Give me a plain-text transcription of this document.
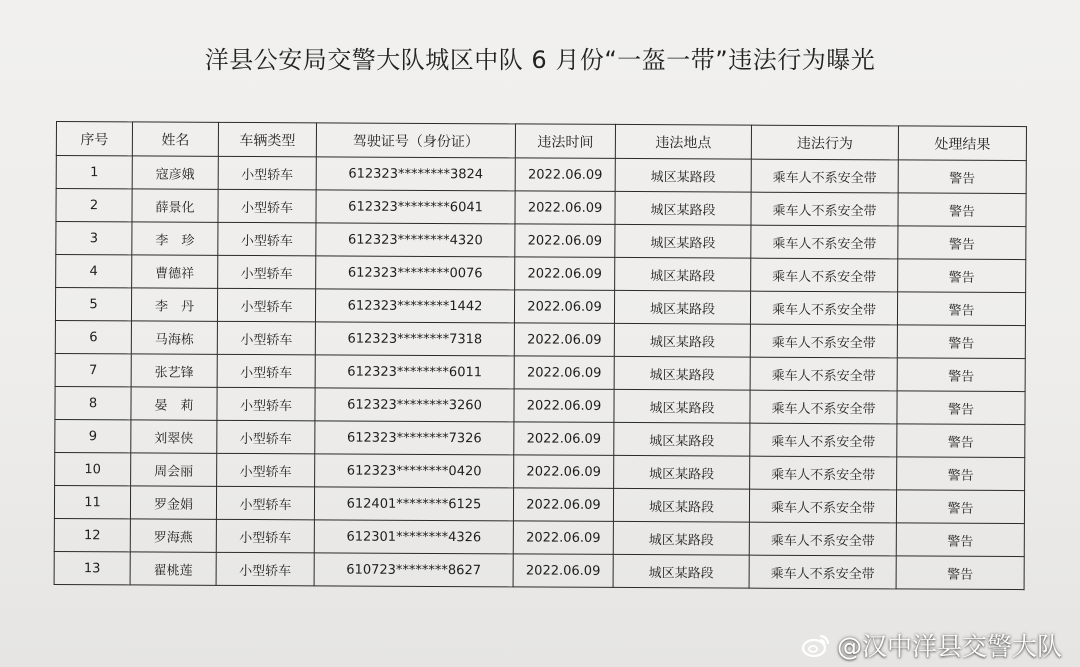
洋县公安局交警大队城区中队 6 月份“一盔一带”违法行为曝光
序号	姓名	车辆类型	驾驶证号（身份证）	违法时间	违法地点	违法行为	处理结果
1	寇彦娥	小型轿车	612323********3824	2022.06.09	城区某路段	乘车人不系安全带	警告
2	薛景化	小型轿车	612323********6041	2022.06.09	城区某路段	乘车人不系安全带	警告
3	李　珍	小型轿车	612323********4320	2022.06.09	城区某路段	乘车人不系安全带	警告
4	曹德祥	小型轿车	612323********0076	2022.06.09	城区某路段	乘车人不系安全带	警告
5	李　丹	小型轿车	612323********1442	2022.06.09	城区某路段	乘车人不系安全带	警告
6	马海栋	小型轿车	612323********7318	2022.06.09	城区某路段	乘车人不系安全带	警告
7	张艺锋	小型轿车	612323********6011	2022.06.09	城区某路段	乘车人不系安全带	警告
8	晏　莉	小型轿车	612323********3260	2022.06.09	城区某路段	乘车人不系安全带	警告
9	刘翠侠	小型轿车	612323********7326	2022.06.09	城区某路段	乘车人不系安全带	警告
10	周会丽	小型轿车	612323********0420	2022.06.09	城区某路段	乘车人不系安全带	警告
11	罗金娟	小型轿车	612401********6125	2022.06.09	城区某路段	乘车人不系安全带	警告
12	罗海燕	小型轿车	612301********4326	2022.06.09	城区某路段	乘车人不系安全带	警告
13	翟桃莲	小型轿车	610723********8627	2022.06.09	城区某路段	乘车人不系安全带	警告
@汉中洋县交警大队
